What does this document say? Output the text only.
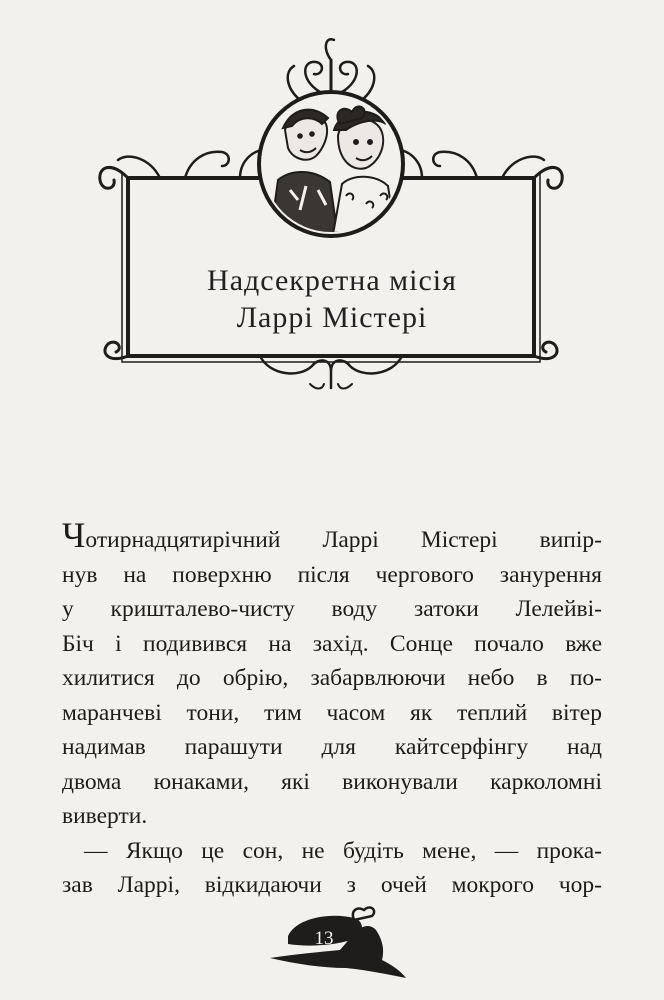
Надсекретна місія
Ларрі Містері
Чотирнадцятирічний Ларрі Містері випір-
нув на поверхню після чергового занурення
у кришталево-чисту воду затоки Лелейві-
Біч і подивився на захід. Сонце почало вже
хилитися до обрію, забарвлюючи небо в по-
маранчеві тони, тим часом як теплий вітер
надимав парашути для кайтсерфінгу над
двома юнаками, які виконували карколомні
виверти.
— Якщо це сон, не будіть мене, — прока-
зав Ларрі, відкидаючи з очей мокрого чор-
13
